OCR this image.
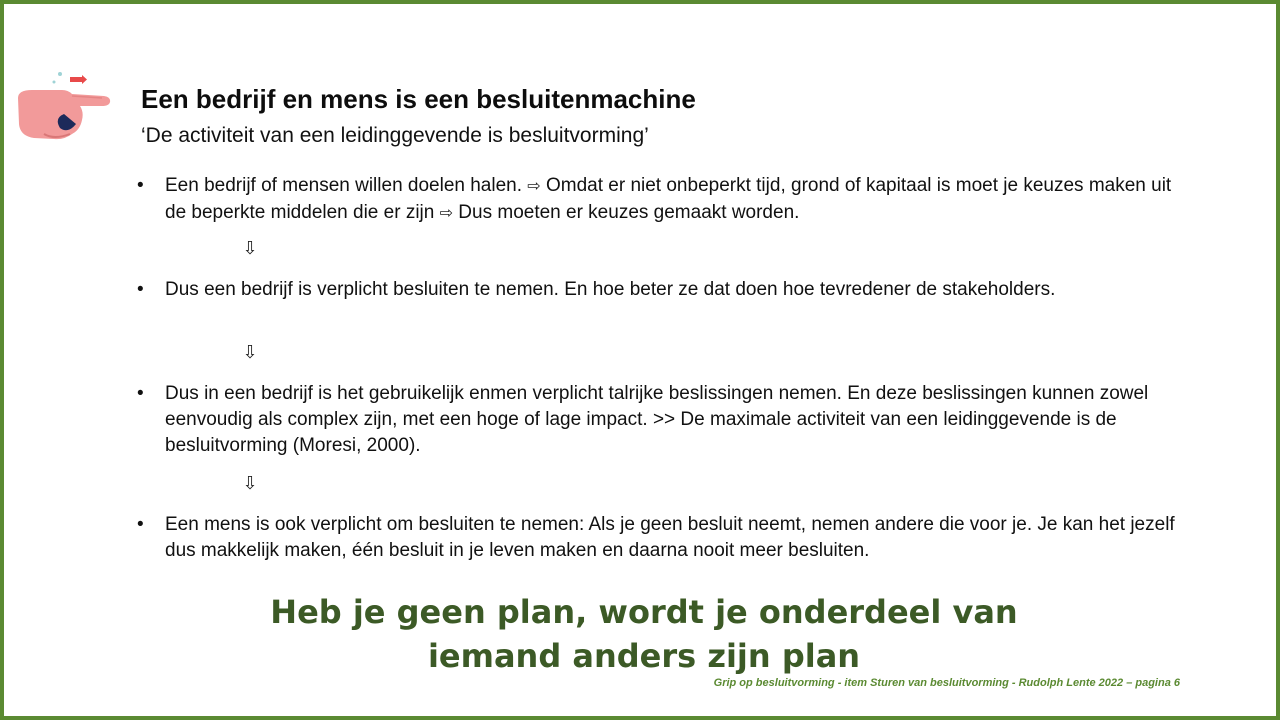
Een bedrijf en mens is een besluitenmachine
‘De activiteit van een leidinggevende is besluitvorming’
•	Een bedrijf of mensen willen doelen halen. ⇨ Omdat er niet onbeperkt tijd, grond of kapitaal is moet je keuzes maken uit de beperkte middelen die er zijn ⇨ Dus moeten er keuzes gemaakt worden.
⇩
•	Dus een bedrijf is verplicht besluiten te nemen. En hoe beter ze dat doen hoe tevredener de stakeholders.
⇩
•	Dus in een bedrijf is het gebruikelijk enmen verplicht talrijke beslissingen nemen. En deze beslissingen kunnen zowel eenvoudig als complex zijn, met een hoge of lage impact. >> De maximale activiteit van een leidinggevende is de besluitvorming (Moresi, 2000).
⇩
•	Een mens is ook verplicht om besluiten te nemen: Als je geen besluit neemt, nemen andere die voor je. Je kan het jezelf dus makkelijk maken, één besluit in je leven maken en daarna nooit meer besluiten.
Heb je geen plan, wordt je onderdeel van
iemand anders zijn plan
Grip op besluitvorming - item Sturen van besluitvorming - Rudolph Lente 2022 – pagina 6
